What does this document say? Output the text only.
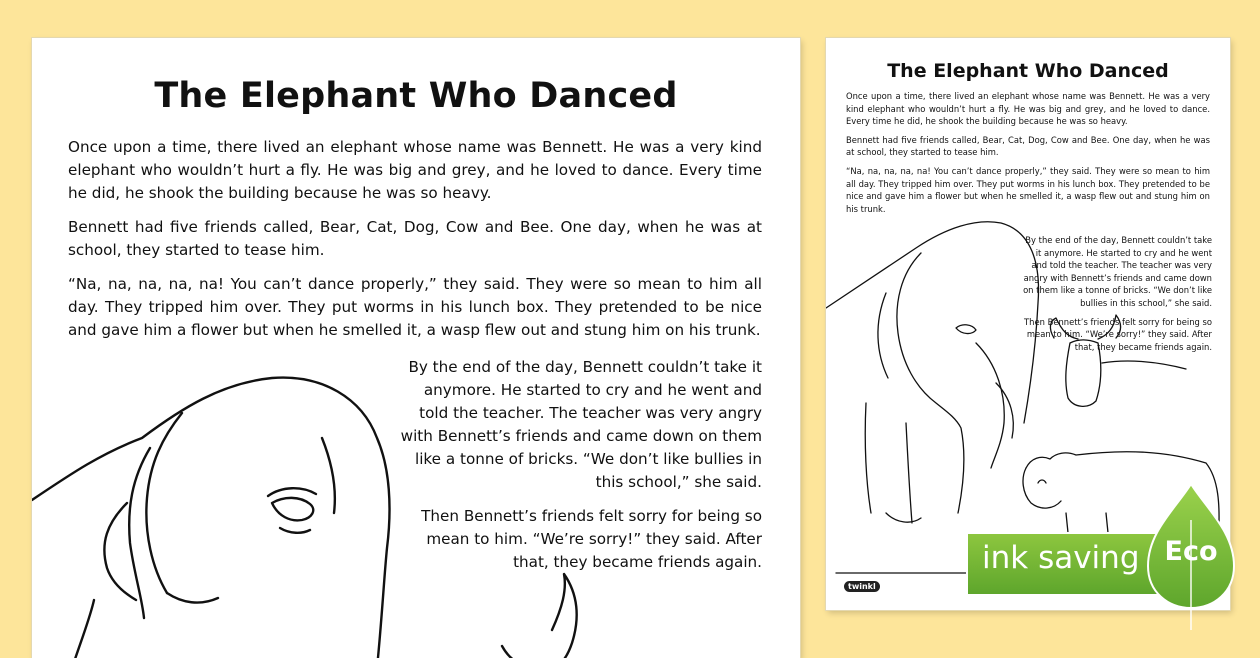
The Elephant Who Danced

Once upon a time, there lived an elephant whose name was Bennett. He was a very kind elephant who wouldn’t hurt a fly. He was big and grey, and he loved to dance. Every time he did, he shook the building because he was so heavy.

Bennett had five friends called, Bear, Cat, Dog, Cow and Bee. One day, when he was at school, they started to tease him.

“Na, na, na, na, na! You can’t dance properly,” they said. They were so mean to him all day. They tripped him over. They put worms in his lunch box. They pretended to be nice and gave him a flower but when he smelled it, a wasp flew out and stung him on his trunk.

By the end of the day, Bennett couldn’t take it anymore. He started to cry and he went and told the teacher. The teacher was very angry with Bennett’s friends and came down on them like a tonne of bricks. “We don’t like bullies in this school,” she said.

Then Bennett’s friends felt sorry for being so mean to him. “We’re sorry!” they said. After that, they became friends again.

The Elephant Who Danced

Once upon a time, there lived an elephant whose name was Bennett. He was a very kind elephant who wouldn’t hurt a fly. He was big and grey, and he loved to dance. Every time he did, he shook the building because he was so heavy.

Bennett had five friends called, Bear, Cat, Dog, Cow and Bee. One day, when he was at school, they started to tease him.

“Na, na, na, na, na! You can’t dance properly,” they said. They were so mean to him all day. They tripped him over. They put worms in his lunch box. They pretended to be nice and gave him a flower but when he smelled it, a wasp flew out and stung him on his trunk.

By the end of the day, Bennett couldn’t take it anymore. He started to cry and he went and told the teacher. The teacher was very angry with Bennett’s friends and came down on them like a tonne of bricks. “We don’t like bullies in this school,” she said.

Then Bennett’s friends felt sorry for being so mean to him. “We’re sorry!” they said. After that, they became friends again.

twinkl
ink saving Eco
